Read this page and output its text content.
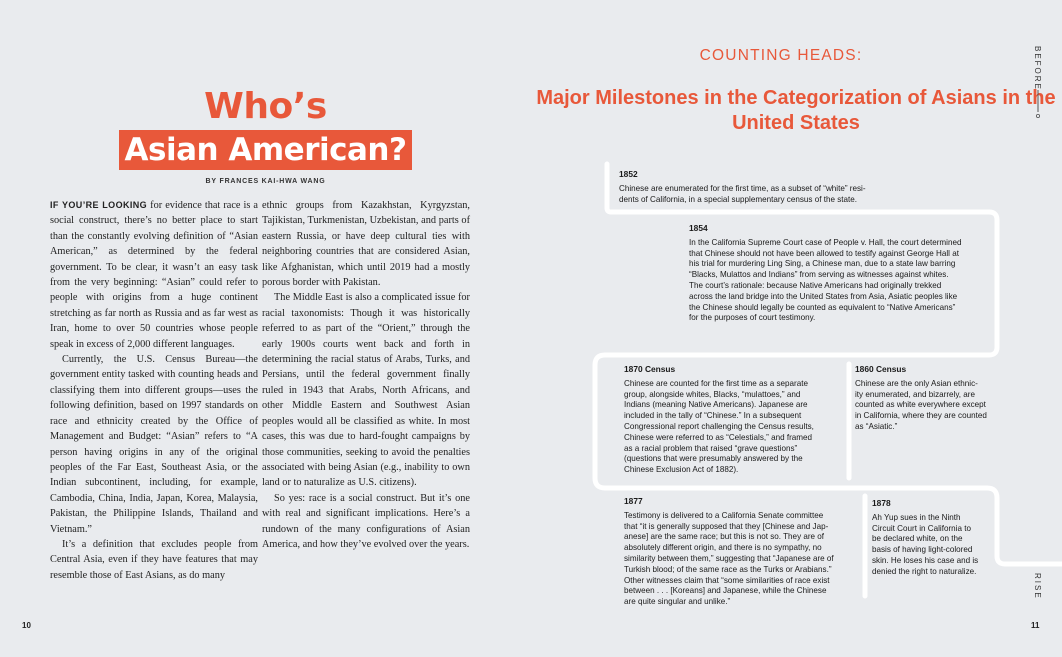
Who’s
Asian American?
BY FRANCES KAI-HWA WANG

IF YOU’RE LOOKING for evidence that race is a social construct, there’s no better place to start than the constantly evolving definition of “Asian American,” as determined by the federal government. To be clear, it wasn’t an easy task from the very beginning: “Asian” could refer to people with origins from a huge continent stretching as far north as Russia and as far west as Iran, home to over 50 countries whose people speak in excess of 2,000 different languages.

Currently, the U.S. Census Bureau—the government entity tasked with counting heads and classifying them into different groups—uses the following definition, based on 1997 standards on race and ethnicity created by the Office of Management and Budget: “Asian” refers to “A person having origins in any of the original peoples of the Far East, Southeast Asia, or the Indian subcontinent, including, for example, Cambodia, China, India, Japan, Korea, Malaysia, Pakistan, the Philippine Islands, Thailand and Vietnam.”

It’s a definition that excludes people from Central Asia, even if they have features that may resemble those of East Asians, as do many

ethnic groups from Kazakhstan, Kyrgyzstan, Tajikistan, Turkmenistan, Uzbekistan, and parts of eastern Russia, or have deep cultural ties with neighboring countries that are considered Asian, like Afghanistan, which until 2019 had a mostly porous border with Pakistan.

The Middle East is also a complicated issue for racial taxonomists: Though it was historically referred to as part of the “Orient,” through the early 1900s courts went back and forth in determining the racial status of Arabs, Turks, and Persians, until the federal government finally ruled in 1943 that Arabs, North Africans, and other Middle Eastern and Southwest Asian peoples would all be classified as white. In most cases, this was due to hard-fought campaigns by those communities, seeking to avoid the penalties associated with being Asian (e.g., inability to own land or to naturalize as U.S. citizens).

So yes: race is a social construct. But it’s one with real and significant implications. Here’s a rundown of the many configurations of Asian America, and how they’ve evolved over the years.

10
COUNTING HEADS:
Major Milestones in the Categorization of Asians in the United States
BEFORE
RISE
1852
Chinese are enumerated for the first time, as a subset of “white” resi-
dents of California, in a special supplementary census of the state.
1854
In the California Supreme Court case of People v. Hall, the court determined
that Chinese should not have been allowed to testify against George Hall at
his trial for murdering Ling Sing, a Chinese man, due to a state law barring
“Blacks, Mulattos and Indians” from serving as witnesses against whites.
The court’s rationale: because Native Americans had originally trekked
across the land bridge into the United States from Asia, Asiatic peoples like
the Chinese should legally be counted as equivalent to “Native Americans”
for the purposes of court testimony.
1870 Census
Chinese are counted for the first time as a separate
group, alongside whites, Blacks, “mulattoes,” and
Indians (meaning Native Americans). Japanese are
included in the tally of “Chinese.” In a subsequent
Congressional report challenging the Census results,
Chinese were referred to as “Celestials,” and framed
as a racial problem that raised “grave questions”
(questions that were presumably answered by the
Chinese Exclusion Act of 1882).
1860 Census
Chinese are the only Asian ethnic-
ity enumerated, and bizarrely, are
counted as white everywhere except
in California, where they are counted
as “Asiatic.”
1877
Testimony is delivered to a California Senate committee
that “it is generally supposed that they [Chinese and Jap-
anese] are the same race; but this is not so. They are of
absolutely different origin, and there is no sympathy, no
similarity between them,” suggesting that “Japanese are of
Turkish blood; of the same race as the Turks or Arabians.”
Other witnesses claim that “some similarities of race exist
between . . . [Koreans] and Japanese, while the Chinese
are quite singular and unlike.”
1878
Ah Yup sues in the Ninth
Circuit Court in California to
be declared white, on the
basis of having light-colored
skin. He loses his case and is
denied the right to naturalize.
11
